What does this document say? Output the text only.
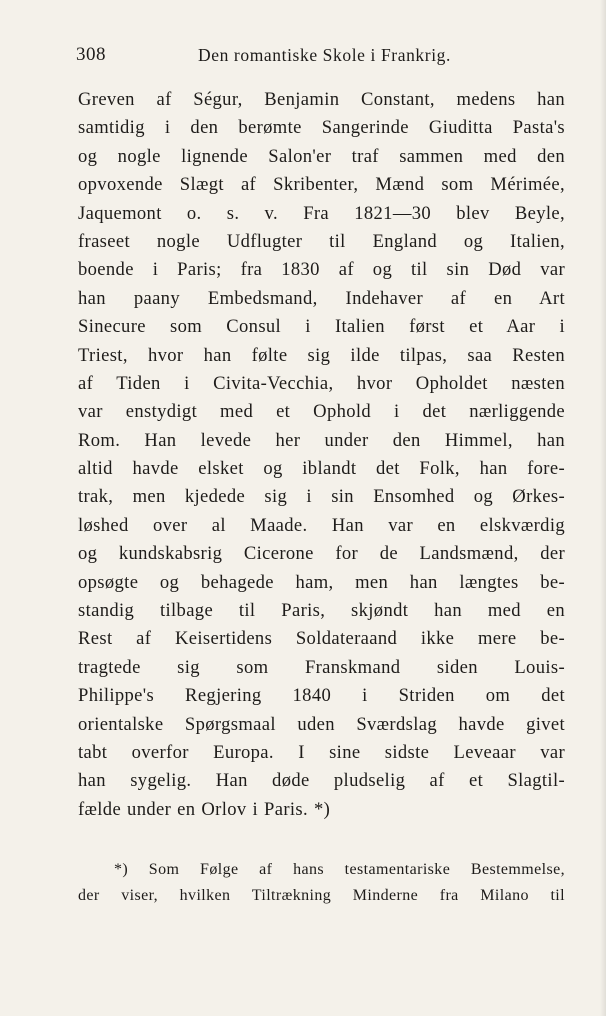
308	Den romantiske Skole i Frankrig.
Greven af Ségur, Benjamin Constant, medens han
samtidig i den berømte Sangerinde Giuditta Pasta's
og nogle lignende Salon'er traf sammen med den
opvoxende Slægt af Skribenter, Mænd som Mérimée,
Jaquemont o. s. v. Fra 1821—30 blev Beyle,
fraseet nogle Udflugter til England og Italien,
boende i Paris; fra 1830 af og til sin Død var
han paany Embedsmand, Indehaver af en Art
Sinecure som Consul i Italien først et Aar i
Triest, hvor han følte sig ilde tilpas, saa Resten
af Tiden i Civita-Vecchia, hvor Opholdet næsten
var enstydigt med et Ophold i det nærliggende
Rom. Han levede her under den Himmel, han
altid havde elsket og iblandt det Folk, han fore-
trak, men kjedede sig i sin Ensomhed og Ørkes-
løshed over al Maade. Han var en elskværdig
og kundskabsrig Cicerone for de Landsmænd, der
opsøgte og behagede ham, men han længtes be-
standig tilbage til Paris, skjøndt han med en
Rest af Keisertidens Soldateraand ikke mere be-
tragtede sig som Franskmand siden Louis-
Philippe's Regjering 1840 i Striden om det
orientalske Spørgsmaal uden Sværdslag havde givet
tabt overfor Europa. I sine sidste Leveaar var
han sygelig. Han døde pludselig af et Slagtil-
fælde under en Orlov i Paris. *)
*) Som Følge af hans testamentariske Bestemmelse,
der viser, hvilken Tiltrækning Minderne fra Milano til
